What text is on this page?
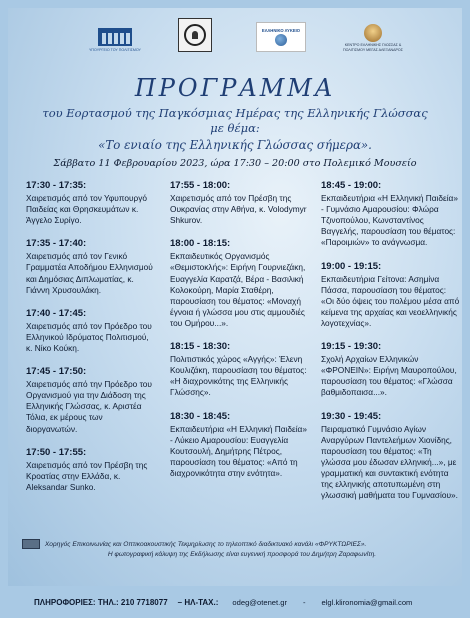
ΥΠΟΥΡΓΕΙΟ ΤΟΥ ΠΟΛΙΤΙΣΜΟΥ
ΕΛΛΗΝΙΚΟ ΛΥΚΕΙΟ
ΚΕΝΤΡΟ ΕΛΛΗΝΙΚΗΣ ΓΛΩΣΣΑΣ & ΠΟΛΙΤΙΣΜΟΥ ΜΕΓΑΣ ΑΛΕΞΑΝΔΡΟΣ
ΠΡΟΓΡΑΜΜΑ
του Εορτασμού της Παγκόσμιας Ημέρας της Ελληνικής Γλώσσας
με θέμα:
«Το ενιαίο της Ελληνικής Γλώσσας σήμερα».
Σάββατο 11 Φεβρουαρίου 2023, ώρα 17:30 – 20:00 στο Πολεμικό Μουσείο
17:30 - 17:35:
Χαιρετισμός από τον Υφυπουργό Παιδείας και Θρησκευμάτων κ. Άγγελο Συρίγο.
17:35 - 17:40:
Χαιρετισμός από τον Γενικό Γραμματέα Αποδήμου Ελληνισμού και Δημόσιας Διπλωματίας, κ. Γιάννη Χρυσουλάκη.
17:40 - 17:45:
Χαιρετισμός από τον Πρόεδρο του Ελληνικού Ιδρύματος Πολιτισμού, κ. Νίκο Κούκη.
17:45 - 17:50:
Χαιρετισμός από την Πρόεδρο του Οργανισμού για την Διάδοση της Ελληνικής Γλώσσας, κ. Αριστέα Τόλια, εκ μέρους των διοργανωτών.
17:50 - 17:55:
Χαιρετισμός από τον Πρέσβη της Κροατίας στην Ελλάδα, κ. Aleksandar Sunko.
17:55 - 18:00:
Χαιρετισμός από τον Πρέσβη της Ουκρανίας στην Αθήνα, κ. Volodymyr Shkurov.
18:00 - 18:15:
Εκπαιδευτικός Οργανισμός «Θεμιστοκλής»: Ειρήνη Γουρνιεζάκη, Ευαγγελία Καρατζά, Βέρα - Βασιλική Κολοκούρη, Μαρία Σταθέρη, παρουσίαση του θέματος: «Μοναχή έγνοια ή γλώσσα μου στις αμμουδιές του Ομήρου...».
18:15 - 18:30:
Πολιτιστικός χώρος «Αγγής»: Έλενη Κουλιζάκη, παρουσίαση του θέματος: «Η διαχρονικότης της Ελληνικής Γλώσσης».
18:30 - 18:45:
Εκπαιδευτήρια «Η Ελληνική Παιδεία» - Λύκειο Αμαρουσίου: Ευαγγελία Κουτσουλή, Δημήτρης Πέτρος, παρουσίαση του θέματος: «Από τη διαχρονικότητα στην ενότητα».
18:45 - 19:00:
Εκπαιδευτήρια «Η Ελληνική Παιδεία» - Γυμνάσιο Αμαρουσίου: Φλώρα Τζινοπούλου, Κωνσταντίνος Βαγγελής, παρουσίαση του θέματος: «Παροιμιών» το ανάγνωσμα.
19:00 - 19:15:
Εκπαιδευτήρια Γείτονα: Ασημίνα Πάσσα, παρουσίαση του θέματος: «Οι δύο όψεις του πολέμου μέσα από κείμενα της αρχαίας και νεοελληνικής λογοτεχνίας».
19:15 - 19:30:
Σχολή Αρχαίων Ελληνικών «ΦΡΟΝΕΙΝ»: Ειρήνη Μαυροπούλου, παρουσίαση του θέματος: «Γλώσσα βαθμιδοπαισα...».
19:30 - 19:45:
Πειραματικό Γυμνάσιο Αγίων Αναργύρων Παντελεήμων Χιονίδης, παρουσίαση του θέματος: «Τη γλώσσα μου έδωσαν ελληνική...», με γραμματική και συντακτική ενότητα της ελληνικής αποτυπωμένη στη γλωσσική μαθήματα του Γυμνασίου».
Χορηγός Επικοινωνίας και Οπτικοακουστικής Τεκμηρίωσης το τηλεοπτικό διαδικτυακό κανάλι «ΦΡΥΚΤΩΡΙΕΣ».
Η φωτογραφική κάλυψη της Εκδήλωσης είναι ευγενική προσφορά του Δημήτρη Ζαραφωνίτη.
ΠΛΗΡΟΦΟΡΙΕΣ: ΤΗΛ.: 210 7718077 – ΗΛ-ΤΑΧ.: odeg@otenet.gr - elgl.klironomia@gmail.com
